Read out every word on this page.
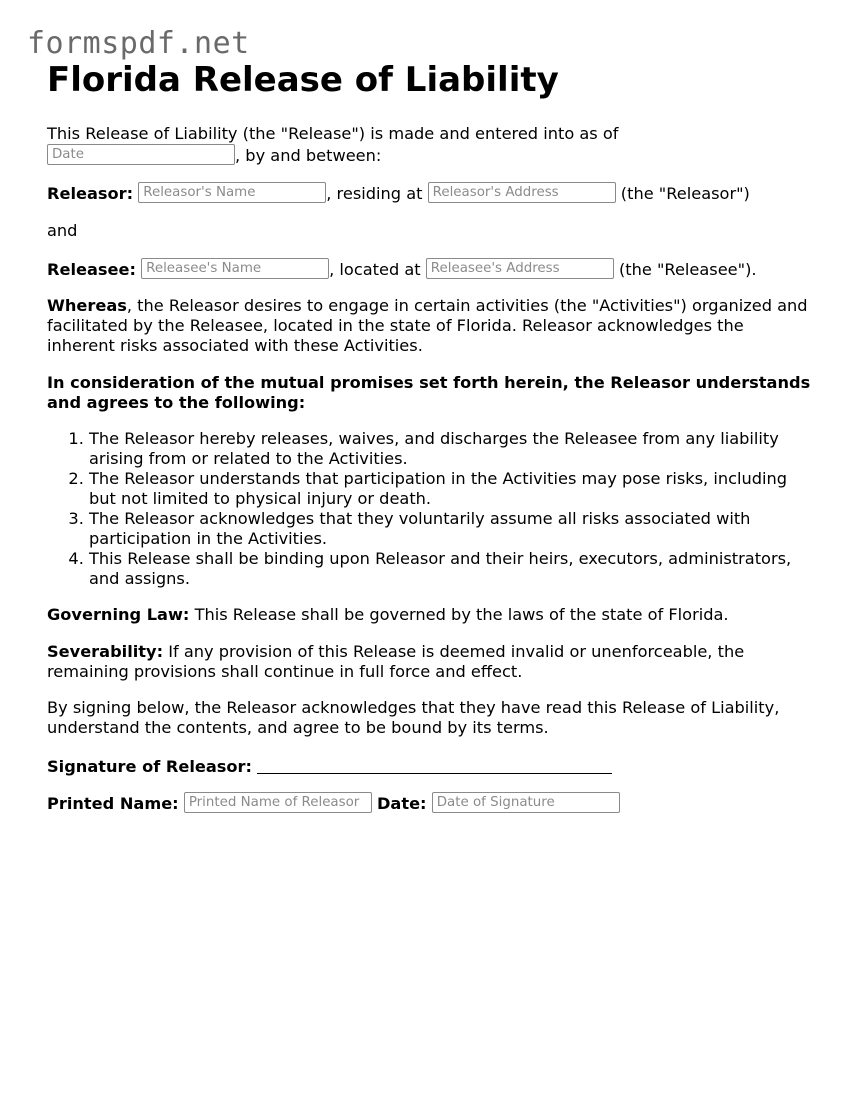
formspdf.net
Florida Release of Liability

This Release of Liability (the "Release") is made and entered into as of
Date	, by and between:

Releasor: Releasor's Name	, residing at Releasor's Address	(the "Releasor")
and
Releasee: Releasee's Name	, located at Releasee's Address	(the "Releasee").

Whereas, the Releasor desires to engage in certain activities (the "Activities") organized and facilitated by the Releasee, located in the state of Florida. Releasor acknowledges the inherent risks associated with these Activities.

In consideration of the mutual promises set forth herein, the Releasor understands and agrees to the following:

1. The Releasor hereby releases, waives, and discharges the Releasee from any liability arising from or related to the Activities.
2. The Releasor understands that participation in the Activities may pose risks, including but not limited to physical injury or death.
3. The Releasor acknowledges that they voluntarily assume all risks associated with participation in the Activities.
4. This Release shall be binding upon Releasor and their heirs, executors, administrators, and assigns.

Governing Law: This Release shall be governed by the laws of the state of Florida.

Severability: If any provision of this Release is deemed invalid or unenforceable, the remaining provisions shall continue in full force and effect.

By signing below, the Releasor acknowledges that they have read this Release of Liability, understand the contents, and agree to be bound by its terms.

Signature of Releasor:
Printed Name: Printed Name of Releasor Date: Date of Signature
